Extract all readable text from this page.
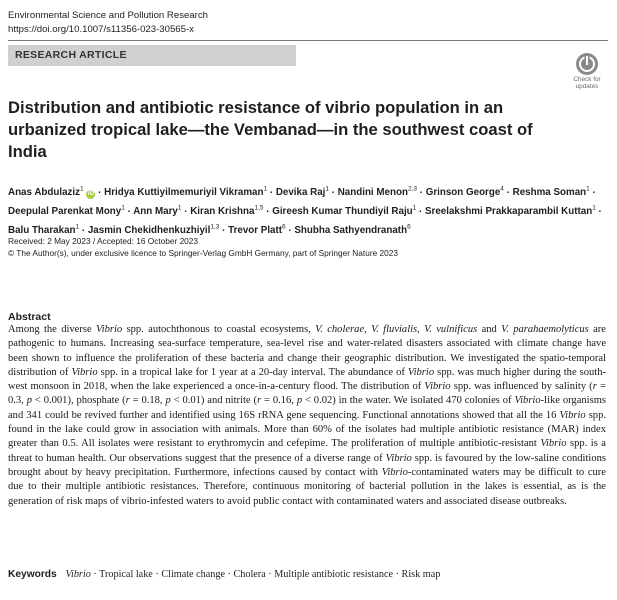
Environmental Science and Pollution Research
https://doi.org/10.1007/s11356-023-30565-x
RESEARCH ARTICLE
Check for
updates
Distribution and antibiotic resistance of vibrio population in an urbanized tropical lake—the Vembanad—in the southwest coast of India
Anas Abdulaziz$^1$ iD · Hridya Kuttiyilmemuriyil Vikraman$^1$ · Devika Raj$^1$ · Nandini Menon$^{2,3}$ · Grinson George$^4$ · Reshma Soman$^1$ · Deepulal Parenkat Mony$^1$ · Ann Mary$^1$ · Kiran Krishna$^{1,5}$ · Gireesh Kumar Thundiyil Raju$^1$ · Sreelakshmi Prakkaparambil Kuttan$^1$ · Balu Tharakan$^1$ · Jasmin Chekidhenkuzhiyil$^{1,3}$ · Trevor Platt$^6$ · Shubha Sathyendranath$^6$
Received: 2 May 2023 / Accepted: 16 October 2023
© The Author(s), under exclusive licence to Springer-Verlag GmbH Germany, part of Springer Nature 2023
Abstract
Among the diverse Vibrio spp. autochthonous to coastal ecosystems, V. cholerae, V. fluvialis, V. vulnificus and V. parahaemolyticus are pathogenic to humans. Increasing sea-surface temperature, sea-level rise and water-related disasters associated with climate change have been shown to influence the proliferation of these bacteria and change their geographic distribution. We investigated the spatio-temporal distribution of Vibrio spp. in a tropical lake for 1 year at a 20-day interval. The abundance of Vibrio spp. was much higher during the south-west monsoon in 2018, when the lake experienced a once-in-a-century flood. The distribution of Vibrio spp. was influenced by salinity (r = 0.3, p < 0.001), phosphate (r = 0.18, p < 0.01) and nitrite (r = 0.16, p < 0.02) in the water. We isolated 470 colonies of Vibrio-like organisms and 341 could be revived further and identified using 16S rRNA gene sequencing. Functional annotations showed that all the 16 Vibrio spp. found in the lake could grow in association with animals. More than 60% of the isolates had multiple antibiotic resistance (MAR) index greater than 0.5. All isolates were resistant to erythromycin and cefepime. The proliferation of multiple antibiotic-resistant Vibrio spp. is a threat to human health. Our observations suggest that the presence of a diverse range of Vibrio spp. is favoured by the low-saline conditions brought about by heavy precipitation. Furthermore, infections caused by contact with Vibrio-contaminated waters may be difficult to cure due to their multiple antibiotic resistances. Therefore, continuous monitoring of bacterial pollution in the lakes is essential, as is the generation of risk maps of vibrio-infested waters to avoid public contact with contaminated waters and associated disease outbreaks.
Keywords Vibrio · Tropical lake · Climate change · Cholera · Multiple antibiotic resistance · Risk map
